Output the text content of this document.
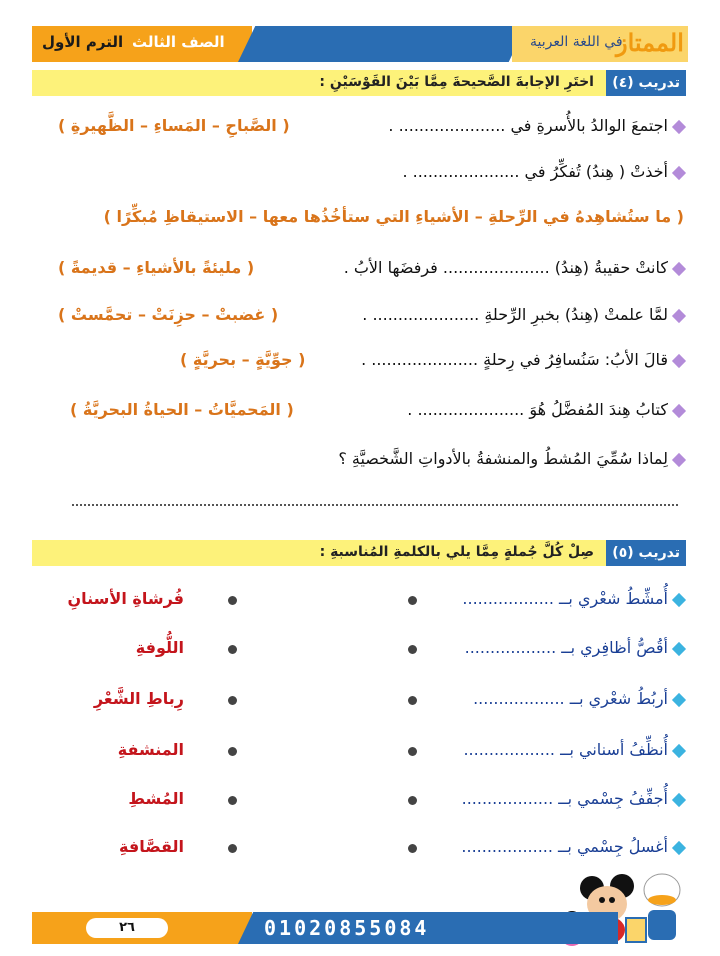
الترم الأول الصف الثالث	في اللغة العربية
الممتاز
تدريب (٤)
اختَرِ الإجابةَ الصَّحيحةَ مِمَّا بَيْنَ القَوْسَيْنِ :
اجتمعَ الوالدُ بالأُسرةِ في ..................... .
( الصَّباحِ – المَساءِ – الظَّهيرةِ )
أخذتْ ( هِندُ) تُفكِّرُ في ..................... .
( ما ستُشاهِدهُ في الرِّحلةِ – الأشياءِ التي ستأخُذُها معها – الاستيقاظِ مُبكِّرًا )
كانتْ حقيبةُ (هِندُ) ..................... فرفضَها الأبُ .
( مليئةً بالأشياءِ – قديمةً )
لمَّا علمتْ (هِندُ) بخبرِ الرِّحلةِ ..................... .
( غضبتْ – حزِنَتْ – تحمَّستْ )
قالَ الأبُ: سَنُسافِرُ في رِحلةٍ ..................... .
( جوِّيَّةٍ – بحريَّةٍ )
كتابُ هِندَ المُفضَّلُ هُوَ ..................... .
( المَحميَّاتُ – الحياةُ البحريَّةُ )
لِماذا سُمِّيَ المُشطُ والمنشفةُ بالأدواتِ الشَّخصيَّةِ ؟
تدريب (٥)
صِلْ كُلَّ جُملةٍ مِمَّا يلي بالكلمةِ المُناسبةِ :
أُمشِّطُ شعْري بــ ..................
فُرشاةِ الأسنانِ
أقُصُّ أظافِري بــ ..................
اللُّوفةِ
أربُطُ شعْري بــ ..................
رِباطِ الشَّعْرِ
أُنظِّفُ أسناني بــ ..................
المنشفةِ
أُجفِّفُ جِسْمي بــ ..................
المُشطِ
أغسلُ جِسْمي بــ ..................
القصَّافةِ
٢٦	01020855084
